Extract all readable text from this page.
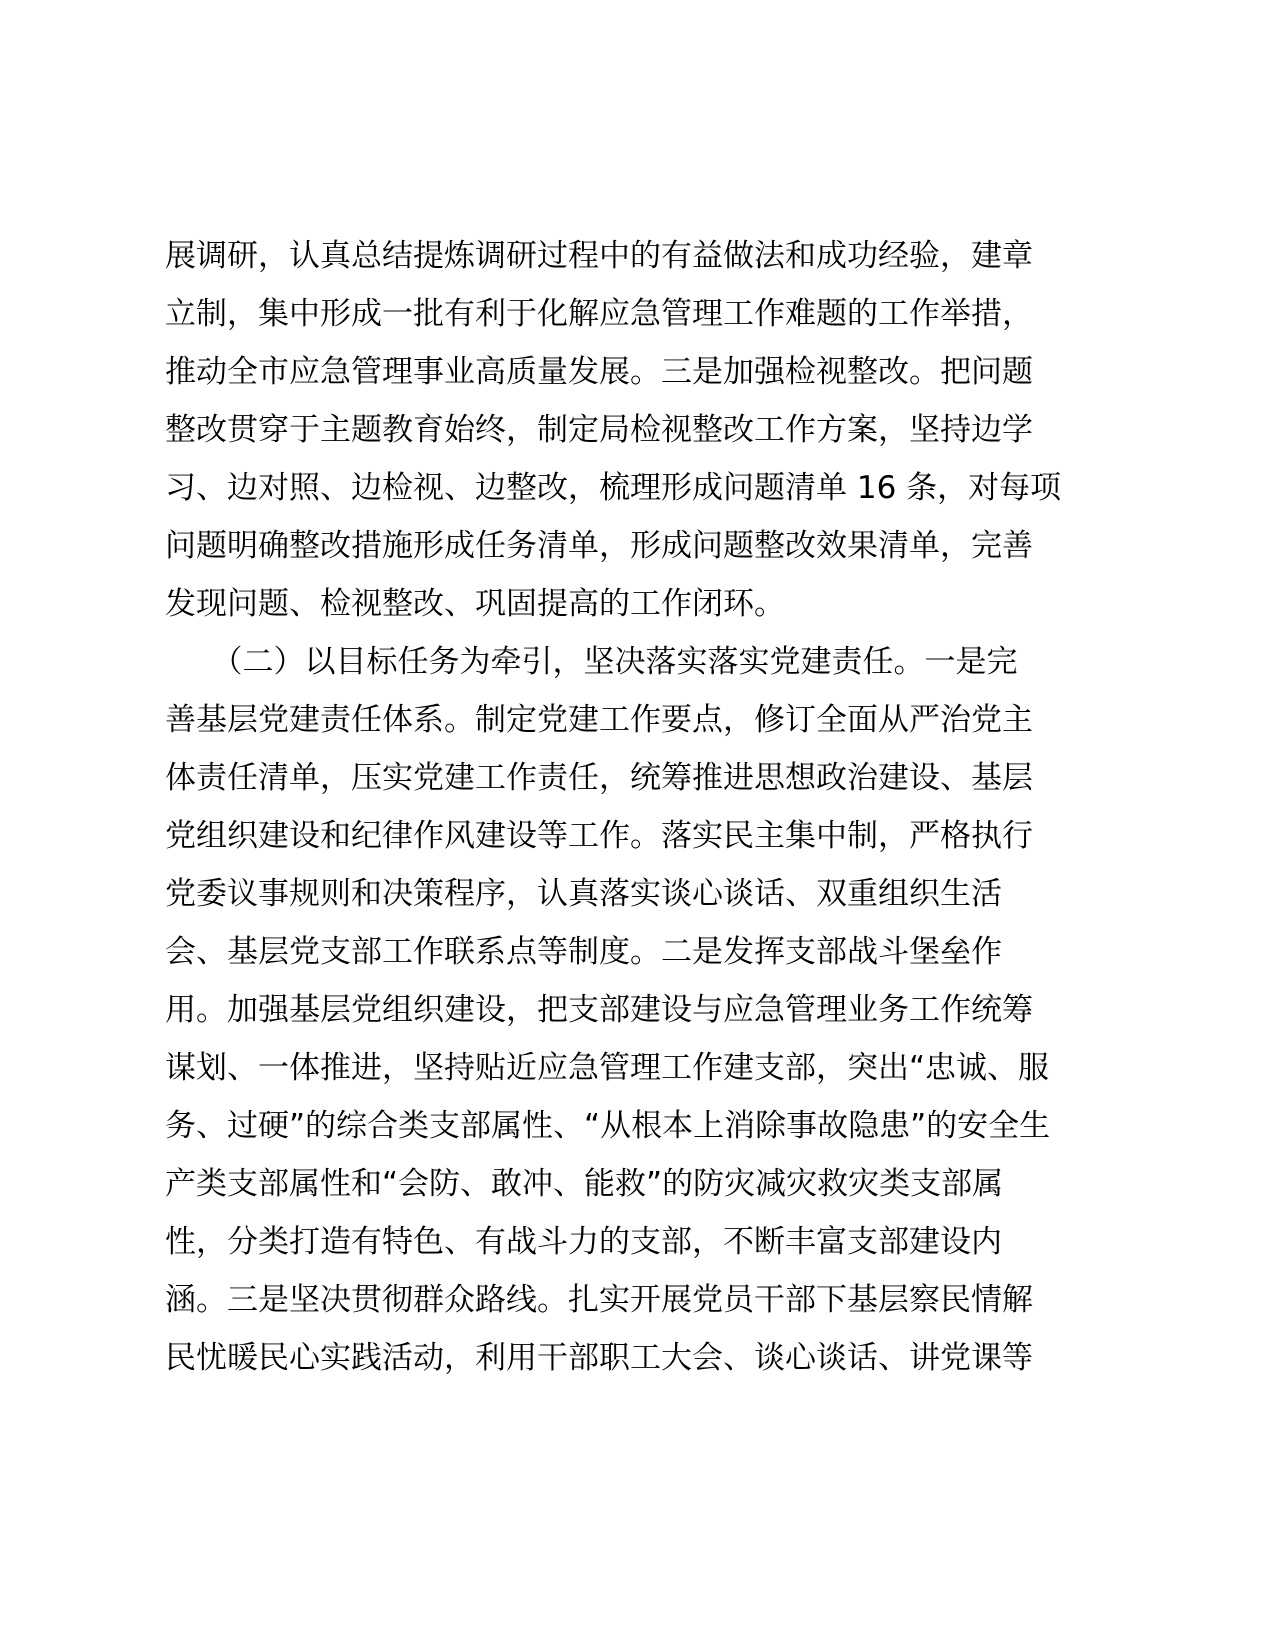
展调研，认真总结提炼调研过程中的有益做法和成功经验，建章
立制，集中形成一批有利于化解应急管理工作难题的工作举措，
推动全市应急管理事业高质量发展。三是加强检视整改。把问题
整改贯穿于主题教育始终，制定局检视整改工作方案，坚持边学
习、边对照、边检视、边整改，梳理形成问题清单 16 条，对每项
问题明确整改措施形成任务清单，形成问题整改效果清单，完善
发现问题、检视整改、巩固提高的工作闭环。
　　（二）以目标任务为牵引，坚决落实落实党建责任。一是完
善基层党建责任体系。制定党建工作要点，修订全面从严治党主
体责任清单，压实党建工作责任，统筹推进思想政治建设、基层
党组织建设和纪律作风建设等工作。落实民主集中制，严格执行
党委议事规则和决策程序，认真落实谈心谈话、双重组织生活
会、基层党支部工作联系点等制度。二是发挥支部战斗堡垒作
用。加强基层党组织建设，把支部建设与应急管理业务工作统筹
谋划、一体推进，坚持贴近应急管理工作建支部，突出“忠诚、服
务、过硬”的综合类支部属性、“从根本上消除事故隐患”的安全生
产类支部属性和“会防、敢冲、能救”的防灾减灾救灾类支部属
性，分类打造有特色、有战斗力的支部，不断丰富支部建设内
涵。三是坚决贯彻群众路线。扎实开展党员干部下基层察民情解
民忧暖民心实践活动，利用干部职工大会、谈心谈话、讲党课等
